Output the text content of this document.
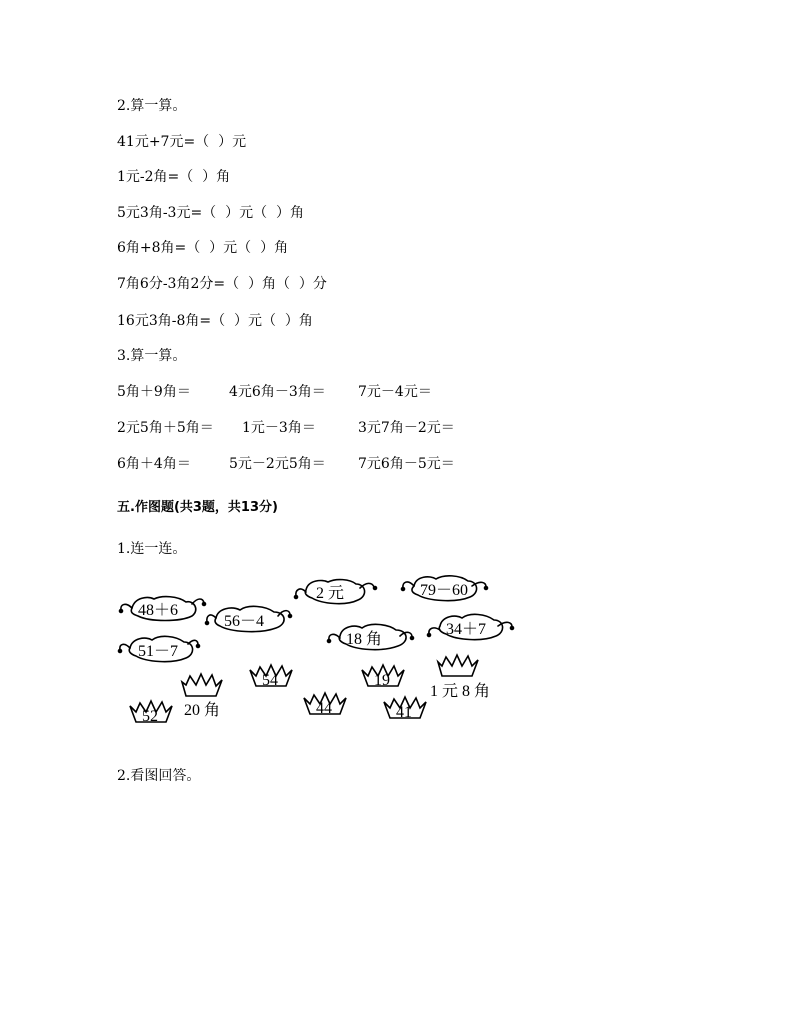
2.算一算。
41元+7元=（  ）元
1元-2角=（  ）角
5元3角-3元=（  ）元（  ）角
6角+8角=（  ）元（  ）角
7角6分-3角2分=（  ）角（  ）分
16元3角-8角=（  ）元（  ）角
3.算一算。
5角＋9角＝	4元6角－3角＝ 7元－4元＝
2元5角＋5角＝ 1元－3角＝	3元7角－2元＝
6角＋4角＝	5元－2元5角＝ 7元6角－5元＝
五.作图题(共3题，共13分)
1.连一连。
48＋6
56－4
51－7
2 元	79－60
18 角
34＋7
54	19
52	44	41
20 角
1 元 8 角
2.看图回答。
